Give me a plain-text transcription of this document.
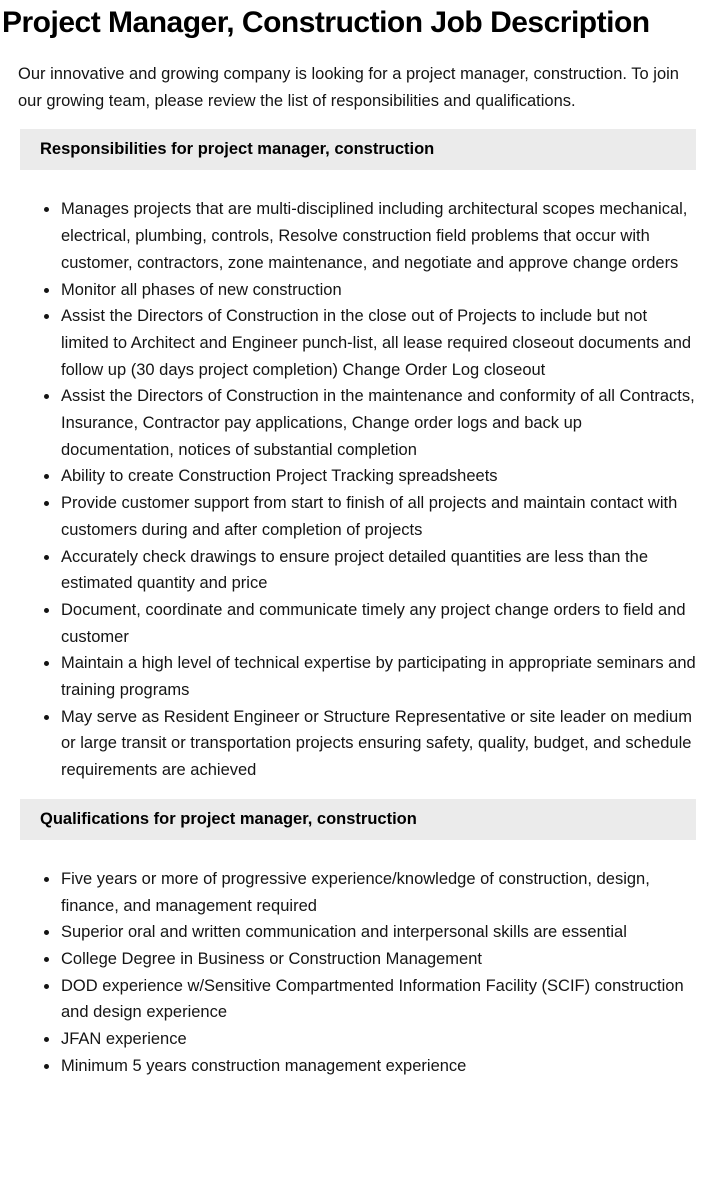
Project Manager, Construction Job Description

Our innovative and growing company is looking for a project manager, construction. To join our growing team, please review the list of responsibilities and qualifications.

Responsibilities for project manager, construction
• Manages projects that are multi-disciplined including architectural scopes mechanical, electrical, plumbing, controls, Resolve construction field problems that occur with customer, contractors, zone maintenance, and negotiate and approve change orders
• Monitor all phases of new construction
• Assist the Directors of Construction in the close out of Projects to include but not limited to Architect and Engineer punch-list, all lease required closeout documents and follow up (30 days project completion) Change Order Log closeout
• Assist the Directors of Construction in the maintenance and conformity of all Contracts, Insurance, Contractor pay applications, Change order logs and back up documentation, notices of substantial completion
• Ability to create Construction Project Tracking spreadsheets
• Provide customer support from start to finish of all projects and maintain contact with customers during and after completion of projects
• Accurately check drawings to ensure project detailed quantities are less than the estimated quantity and price
• Document, coordinate and communicate timely any project change orders to field and customer
• Maintain a high level of technical expertise by participating in appropriate seminars and training programs
• May serve as Resident Engineer or Structure Representative or site leader on medium or large transit or transportation projects ensuring safety, quality, budget, and schedule requirements are achieved
Qualifications for project manager, construction
• Five years or more of progressive experience/knowledge of construction, design, finance, and management required
• Superior oral and written communication and interpersonal skills are essential
• College Degree in Business or Construction Management
• DOD experience w/Sensitive Compartmented Information Facility (SCIF) construction and design experience
• JFAN experience
• Minimum 5 years construction management experience
